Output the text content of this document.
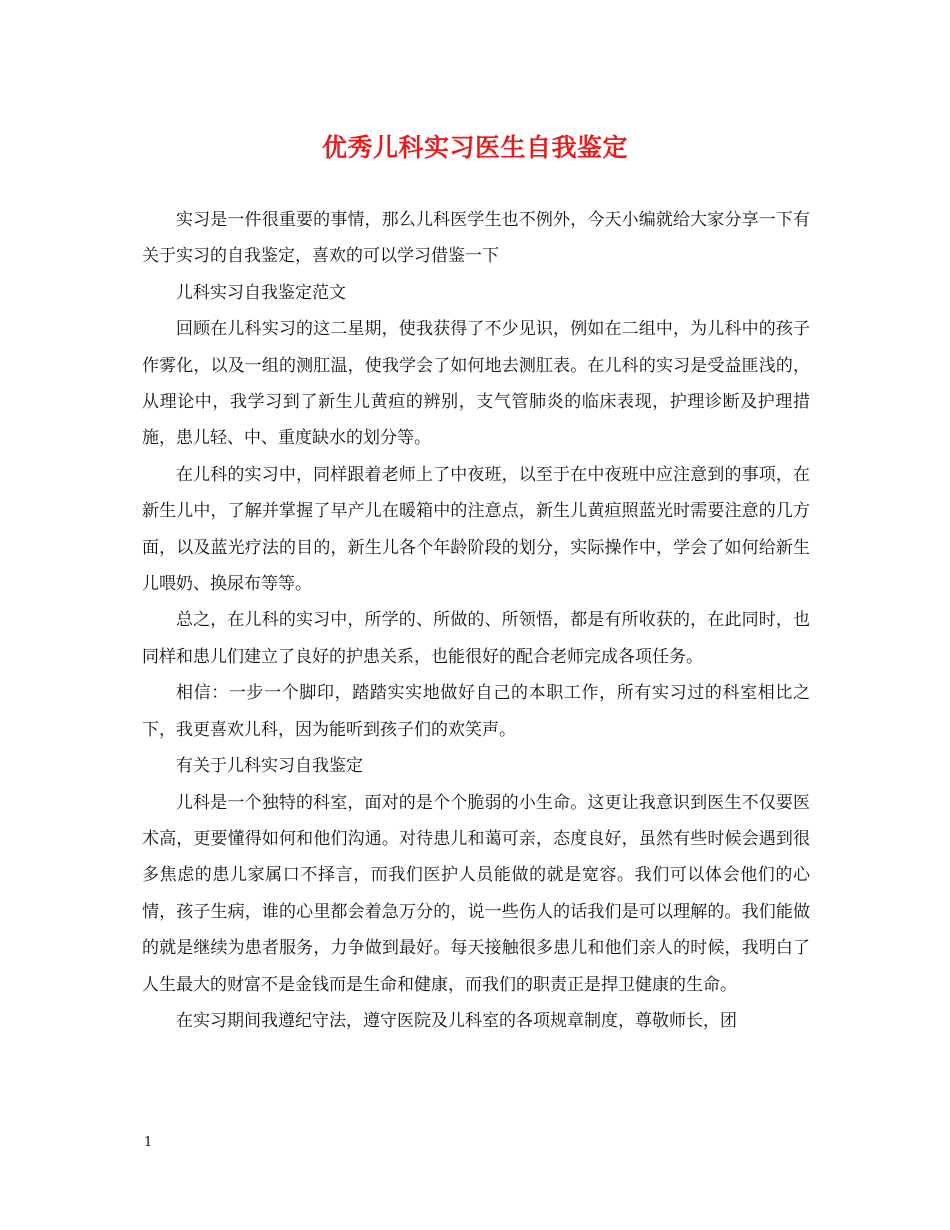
优秀儿科实习医生自我鉴定

实习是一件很重要的事情，那么儿科医学生也不例外，今天小编就给大家分享一下有关于实习的自我鉴定，喜欢的可以学习借鉴一下

儿科实习自我鉴定范文

回顾在儿科实习的这二星期，使我获得了不少见识，例如在二组中，为儿科中的孩子作雾化，以及一组的测肛温，使我学会了如何地去测肛表。在儿科的实习是受益匪浅的，从理论中，我学习到了新生儿黄疸的辨别，支气管肺炎的临床表现，护理诊断及护理措施，患儿轻、中、重度缺水的划分等。

在儿科的实习中，同样跟着老师上了中夜班，以至于在中夜班中应注意到的事项，在新生儿中，了解并掌握了早产儿在暖箱中的注意点，新生儿黄疸照蓝光时需要注意的几方面，以及蓝光疗法的目的，新生儿各个年龄阶段的划分，实际操作中，学会了如何给新生儿喂奶、换尿布等等。

总之，在儿科的实习中，所学的、所做的、所领悟，都是有所收获的，在此同时，也同样和患儿们建立了良好的护患关系，也能很好的配合老师完成各项任务。

相信：一步一个脚印，踏踏实实地做好自己的本职工作，所有实习过的科室相比之下，我更喜欢儿科，因为能听到孩子们的欢笑声。

有关于儿科实习自我鉴定

儿科是一个独特的科室，面对的是个个脆弱的小生命。这更让我意识到医生不仅要医术高，更要懂得如何和他们沟通。对待患儿和蔼可亲，态度良好，虽然有些时候会遇到很多焦虑的患儿家属口不择言，而我们医护人员能做的就是宽容。我们可以体会他们的心情，孩子生病，谁的心里都会着急万分的，说一些伤人的话我们是可以理解的。我们能做的就是继续为患者服务，力争做到最好。每天接触很多患儿和他们亲人的时候，我明白了人生最大的财富不是金钱而是生命和健康，而我们的职责正是捍卫健康的生命。

在实习期间我遵纪守法，遵守医院及儿科室的各项规章制度，尊敬师长，团

1
